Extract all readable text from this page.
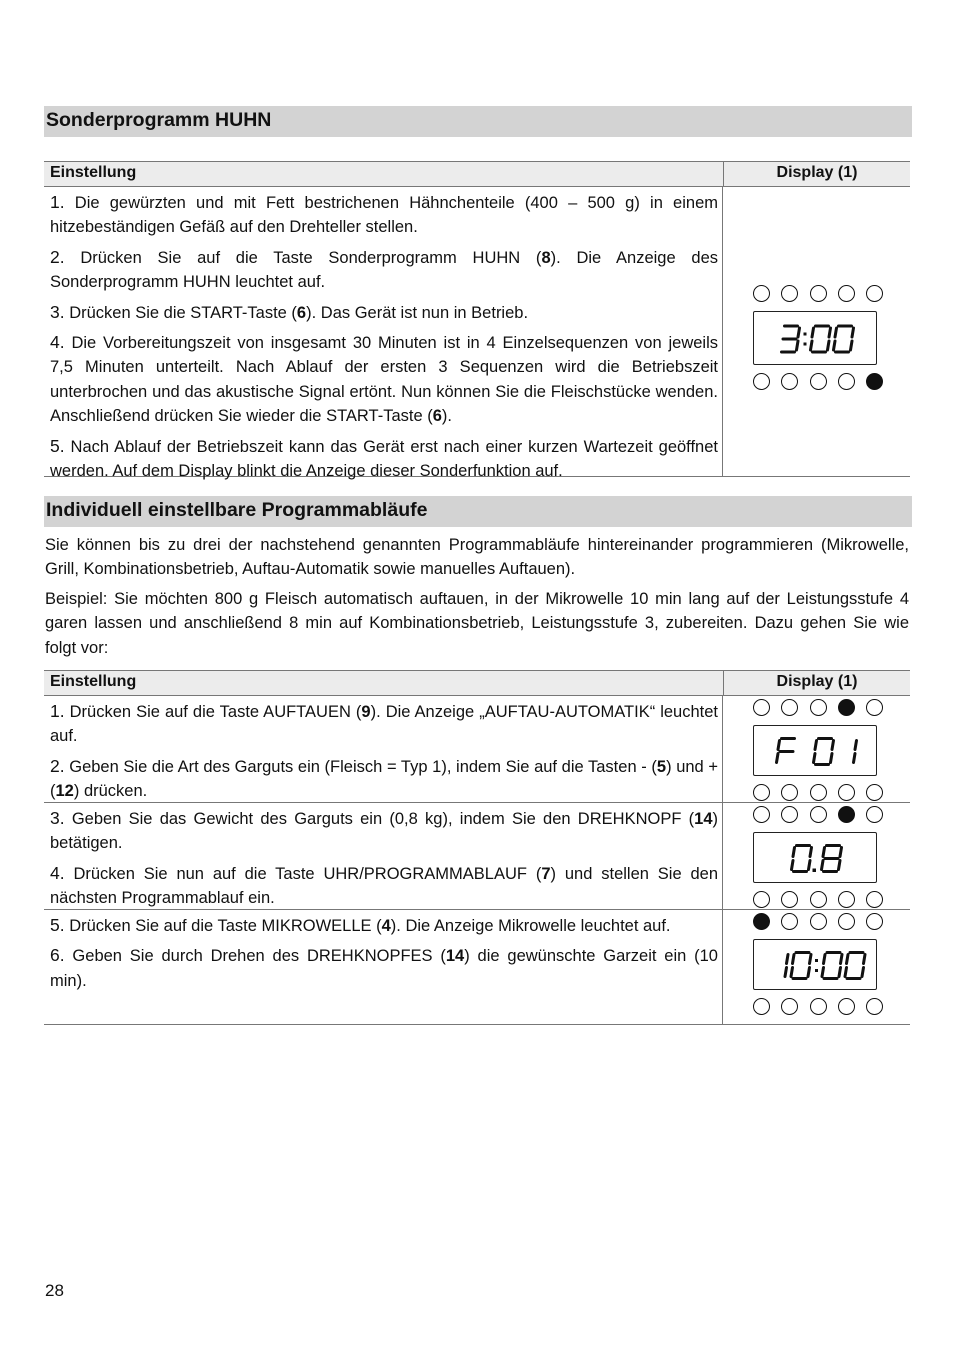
Sonderprogramm HUHN
Einstellung	Display (1)

1. Die gewürzten und mit Fett bestrichenen Hähnchenteile (400 – 500 g) in einem hitzebeständigen Gefäß auf den Drehteller stellen.

2. Drücken Sie auf die Taste Sonderprogramm HUHN (8). Die Anzeige des Sonderprogramm HUHN leuchtet auf.

3. Drücken Sie die START-Taste (6). Das Gerät ist nun in Betrieb.

4. Die Vorbereitungszeit von insgesamt 30 Minuten ist in 4 Einzelsequenzen von jeweils 7,5 Minuten unterteilt. Nach Ablauf der ersten 3 Sequenzen wird die Betriebszeit unterbrochen und das akustische Signal ertönt. Nun können Sie die Fleischstücke wenden. Anschließend drücken Sie wieder die START-Taste (6).

5. Nach Ablauf der Betriebszeit kann das Gerät erst nach einer kurzen Wartezeit geöffnet werden. Auf dem Display blinkt die Anzeige dieser Sonderfunktion auf.

Individuell einstellbare Programmabläufe

Sie können bis zu drei der nachstehend genannten Programmabläufe hintereinander programmieren (Mikrowelle, Grill, Kombinationsbetrieb, Auftau-Automatik sowie manuelles Auftauen).

Beispiel: Sie möchten 800 g Fleisch automatisch auftauen, in der Mikrowelle 10 min lang auf der Leistungsstufe 4 garen lassen und anschließend 8 min auf Kombinationsbetrieb, Leistungsstufe 3, zubereiten. Dazu gehen Sie wie folgt vor:

Einstellung	Display (1)

1. Drücken Sie auf die Taste AUFTAUEN (9). Die Anzeige „AUFTAU-AUTOMATIK“ leuchtet auf.

2. Geben Sie die Art des Garguts ein (Fleisch = Typ 1), indem Sie auf die Tasten - (5) und + (12) drücken.

3. Geben Sie das Gewicht des Garguts ein (0,8 kg), indem Sie den DREHKNOPF (14) betätigen.

4. Drücken Sie nun auf die Taste UHR/PROGRAMMABLAUF (7) und stellen Sie den nächsten Programmablauf ein.

5. Drücken Sie auf die Taste MIKROWELLE (4). Die Anzeige Mikrowelle leuchtet auf.

6. Geben Sie durch Drehen des DREHKNOPFES (14) die gewünschte Garzeit ein (10 min).

28
